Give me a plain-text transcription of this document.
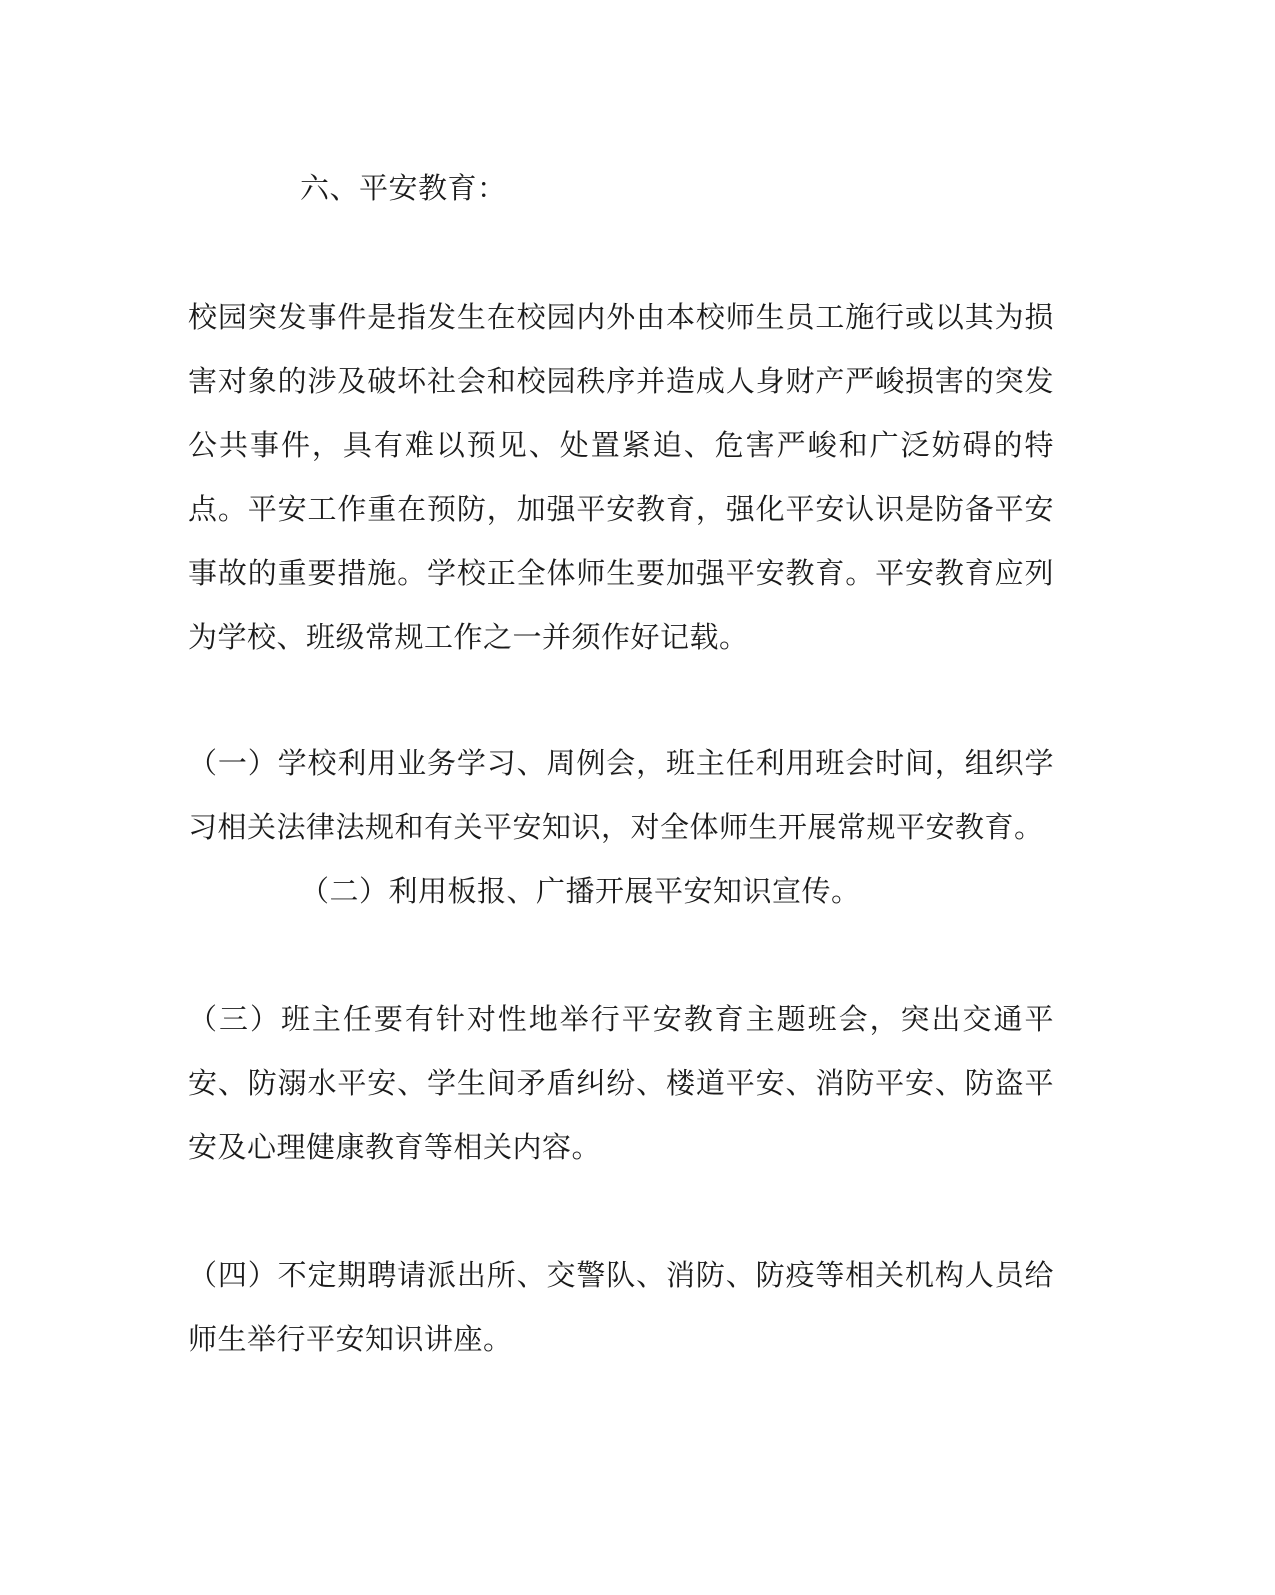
六、平安教育：
校园突发事件是指发生在校园内外由本校师生员工施行或以其为损害对象的涉及破坏社会和校园秩序并造成人身财产严峻损害的突发公共事件，具有难以预见、处置紧迫、危害严峻和广泛妨碍的特点。平安工作重在预防，加强平安教育，强化平安认识是防备平安事故的重要措施。学校正全体师生要加强平安教育。平安教育应列为学校、班级常规工作之一并须作好记载。
（一）学校利用业务学习、周例会，班主任利用班会时间，组织学习相关法律法规和有关平安知识，对全体师生开展常规平安教育。
（二）利用板报、广播开展平安知识宣传。
（三）班主任要有针对性地举行平安教育主题班会，突出交通平安、防溺水平安、学生间矛盾纠纷、楼道平安、消防平安、防盗平安及心理健康教育等相关内容。
（四）不定期聘请派出所、交警队、消防、防疫等相关机构人员给师生举行平安知识讲座。
